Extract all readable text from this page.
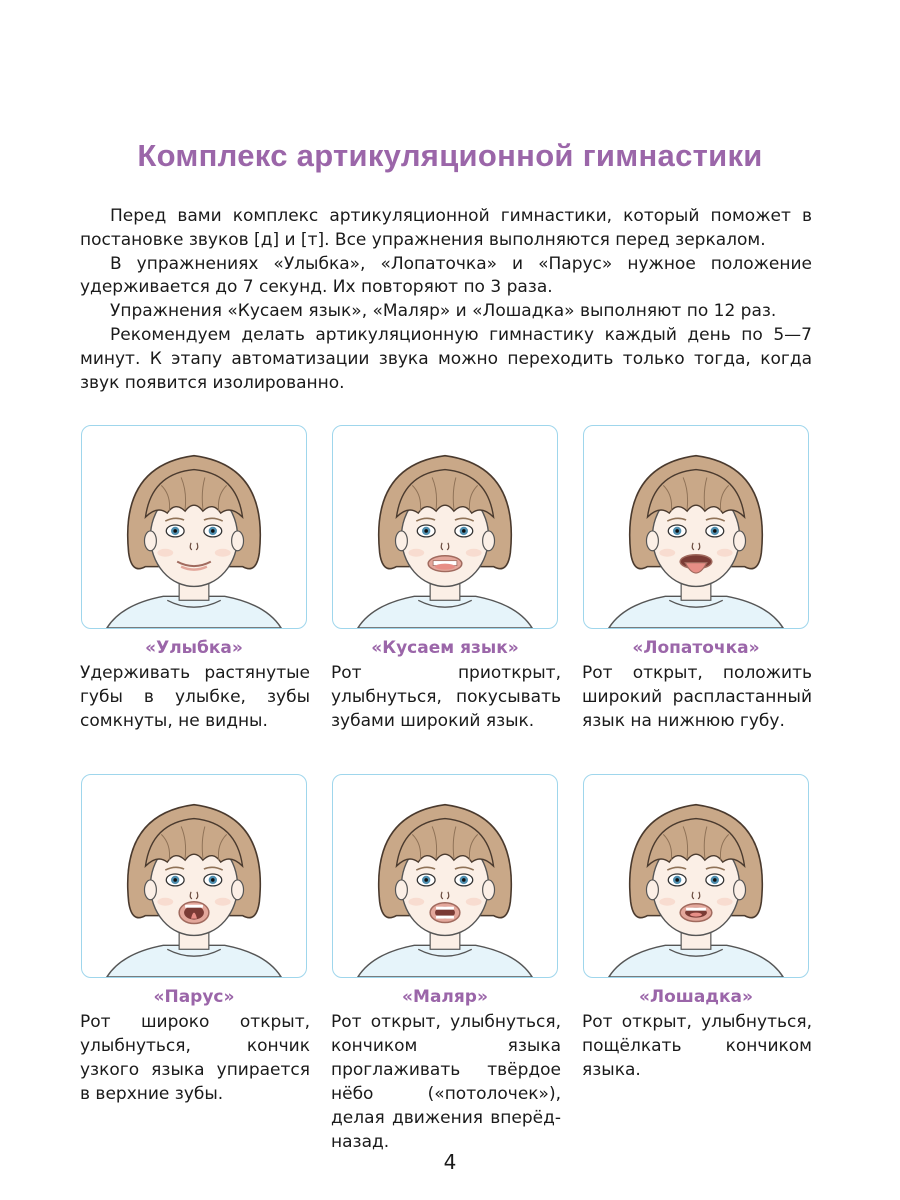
Комплекс артикуляционной гимнастики

Перед вами комплекс артикуляционной гимнастики, который поможет в постановке звуков [д] и [т]. Все упражнения выполняются перед зеркалом.

В упражнениях «Улыбка», «Лопаточка» и «Парус» нужное положение удерживается до 7 секунд. Их повторяют по 3 раза.

Упражнения «Кусаем язык», «Маляр» и «Лошадка» выполняют по 12 раз.

Рекомендуем делать артикуляционную гимнастику каждый день по 5—7 минут. К этапу автоматизации звука можно переходить только тогда, когда звук появится изолированно.

«Улыбка»
Удерживать растянутые губы в улыбке, зубы сомкнуты, не видны.
«Кусаем язык»
Рот приоткрыт, улыбнуться, покусывать зубами широкий язык.
«Лопаточка»
Рот открыт, положить широкий распластанный язык на нижнюю губу.
«Парус»
Рот широко открыт, улыбнуться, кончик узкого языка упирается в верхние зубы.
«Маляр»
Рот открыт, улыбнуться, кончиком языка проглаживать твёрдое нёбо («потолочек»), делая движения вперёд-назад.
«Лошадка»
Рот открыт, улыбнуться, пощёлкать кончиком языка.
4
